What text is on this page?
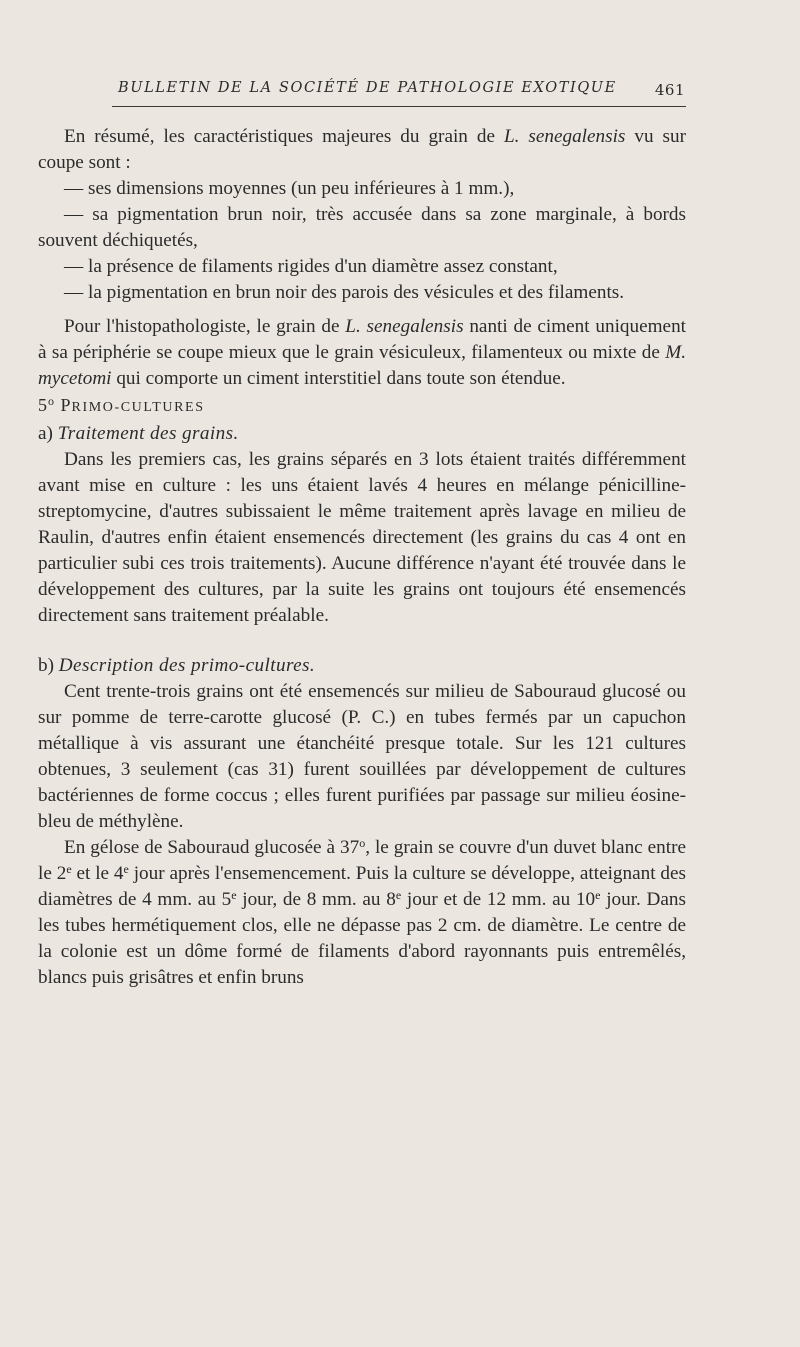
BULLETIN DE LA SOCIÉTÉ DE PATHOLOGIE EXOTIQUE	461

En résumé, les caractéristiques majeures du grain de L. senegalensis vu sur coupe sont :

— ses dimensions moyennes (un peu inférieures à 1 mm.),

— sa pigmentation brun noir, très accusée dans sa zone marginale, à bords souvent déchiquetés,

— la présence de filaments rigides d'un diamètre assez constant,

— la pigmentation en brun noir des parois des vésicules et des filaments.

Pour l'histopathologiste, le grain de L. senegalensis nanti de ciment uniquement à sa périphérie se coupe mieux que le grain vésiculeux, filamenteux ou mixte de M. mycetomi qui comporte un ciment interstitiel dans toute son étendue.

5$^o$ PRIMO-CULTURES

a) Traitement des grains.

Dans les premiers cas, les grains séparés en 3 lots étaient traités différemment avant mise en culture : les uns étaient lavés 4 heures en mélange pénicilline-streptomycine, d'autres subissaient le même traitement après lavage en milieu de Raulin, d'autres enfin étaient ensemencés directement (les grains du cas 4 ont en particulier subi ces trois traitements). Aucune différence n'ayant été trouvée dans le développement des cultures, par la suite les grains ont toujours été ensemencés directement sans traitement préalable.

b) Description des primo-cultures.

Cent trente-trois grains ont été ensemencés sur milieu de Sabouraud glucosé ou sur pomme de terre-carotte glucosé (P. C.) en tubes fermés par un capuchon métallique à vis assurant une étanchéité presque totale. Sur les 121 cultures obtenues, 3 seulement (cas 31) furent souillées par développement de cultures bactériennes de forme coccus ; elles furent purifiées par passage sur milieu éosine-bleu de méthylène.

En gélose de Sabouraud glucosée à 37$^o$, le grain se couvre d'un duvet blanc entre le 2e et le 4e jour après l'ensemencement. Puis la culture se développe, atteignant des diamètres de 4 mm. au 5e jour, de 8 mm. au 8e jour et de 12 mm. au 10e jour. Dans les tubes hermétiquement clos, elle ne dépasse pas 2 cm. de diamètre. Le centre de la colonie est un dôme formé de filaments d'abord rayonnants puis entremêlés, blancs puis grisâtres et enfin bruns
